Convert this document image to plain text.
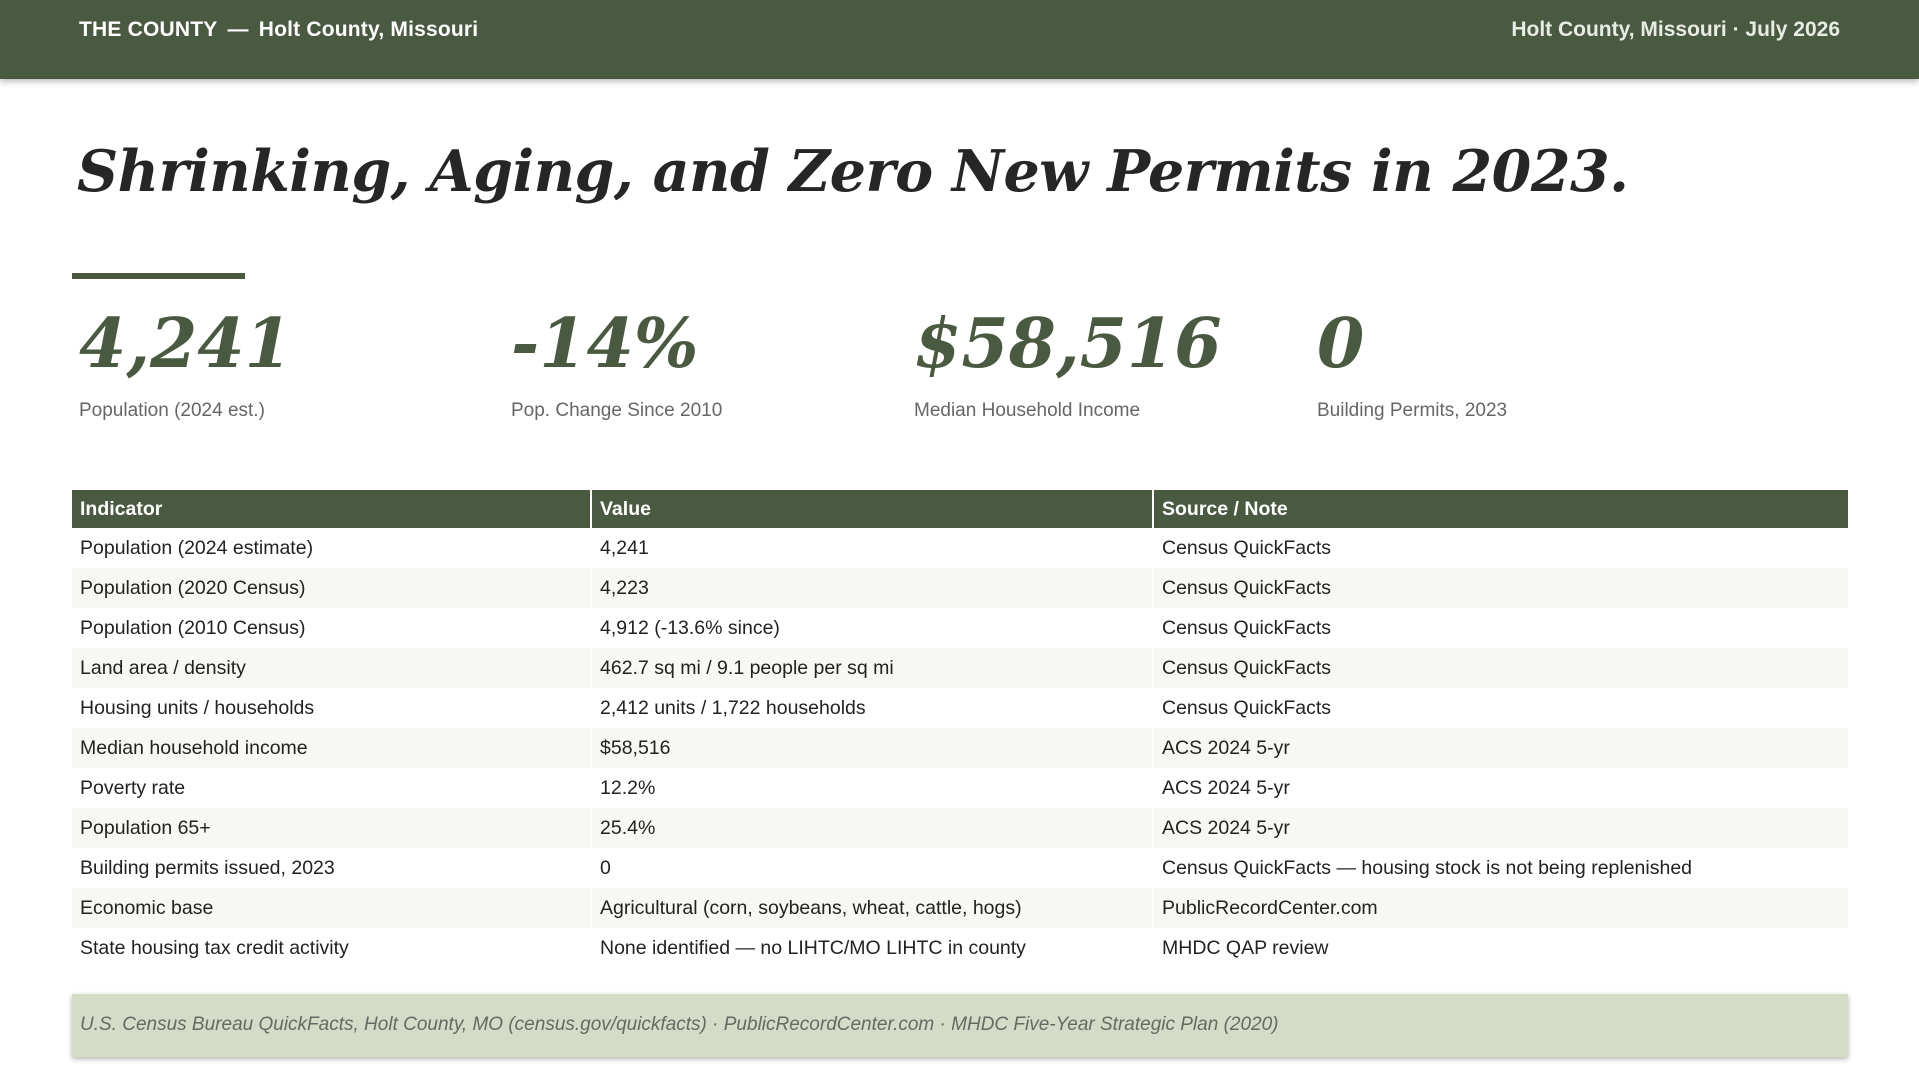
THE COUNTY — Holt County, Missouri	Holt County, Missouri · July 2026
Shrinking, Aging, and Zero New Permits in 2023.
4,241
Population (2024 est.)
-14%
Pop. Change Since 2010
$58,516
Median Household Income
0
Building Permits, 2023
Indicator	Value	Source / Note
Population (2024 estimate)	4,241	Census QuickFacts
Population (2020 Census)	4,223	Census QuickFacts
Population (2010 Census)	4,912 (-13.6% since)	Census QuickFacts
Land area / density	462.7 sq mi / 9.1 people per sq mi	Census QuickFacts
Housing units / households	2,412 units / 1,722 households	Census QuickFacts
Median household income	$58,516	ACS 2024 5-yr
Poverty rate	12.2%	ACS 2024 5-yr
Population 65+	25.4%	ACS 2024 5-yr
Building permits issued, 2023	0	Census QuickFacts — housing stock is not being replenished
Economic base	Agricultural (corn, soybeans, wheat, cattle, hogs)	PublicRecordCenter.com
State housing tax credit activity	None identified — no LIHTC/MO LIHTC in county	MHDC QAP review
U.S. Census Bureau QuickFacts, Holt County, MO (census.gov/quickfacts) · PublicRecordCenter.com · MHDC Five-Year Strategic Plan (2020)
